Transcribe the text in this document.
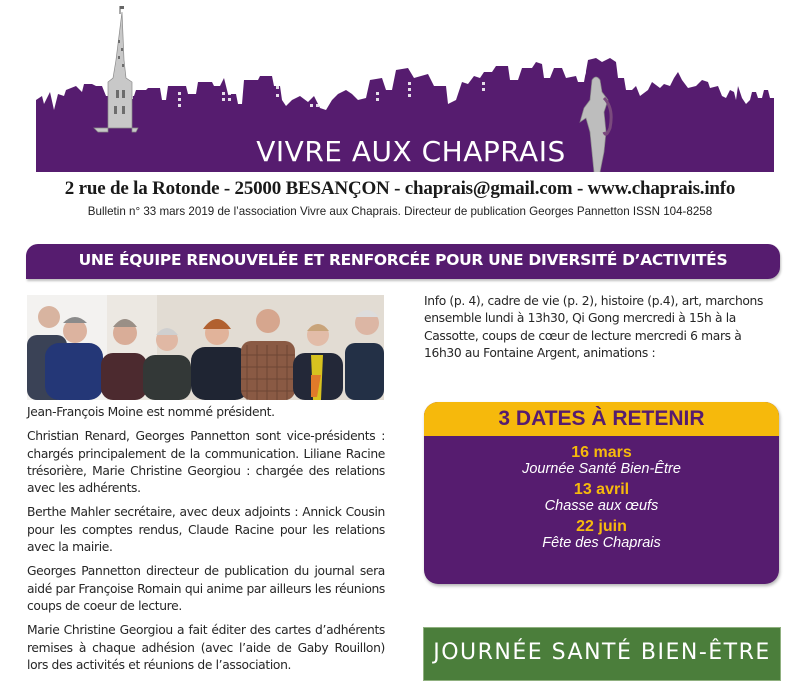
VIVRE AUX CHAPRAIS
2 rue de la Rotonde - 25000 BESANÇON - chaprais@gmail.com - www.chaprais.info
Bulletin n° 33 mars 2019 de l’association Vivre aux Chaprais. Directeur de publication Georges Pannetton ISSN 104-8258
UNE ÉQUIPE RENOUVELÉE ET RENFORCÉE POUR UNE DIVERSITÉ D’ACTIVITÉS

Jean-François Moine est nommé président.

Christian Renard, Georges Pannetton sont vice-présidents : chargés principalement de la communication. Liliane Racine trésorière, Marie Christine Georgiou : chargée des relations avec les adhérents.

Berthe Mahler secrétaire, avec deux adjoints : Annick Cousin pour les comptes rendus, Claude Racine pour les relations avec la mairie.

Georges Pannetton directeur de publication du journal sera aidé par Françoise Romain qui anime par ailleurs les réunions coups de coeur de lecture.

Marie Christine Georgiou a fait éditer des cartes d’adhérents remises à chaque adhésion (avec l’aide de Gaby Rouillon) lors des activités et réunions de l’association.

Info (p. 4), cadre de vie (p. 2), histoire (p.4), art, marchons ensemble lundi à 13h30, Qi Gong mercredi à 15h à la Cassotte, coups de cœur de lecture mercredi 6 mars à 16h30 au Fontaine Argent, animations :

3 DATES À RETENIR
16 mars
Journée Santé Bien-Être
13 avril
Chasse aux œufs
22 juin
Fête des Chaprais
JOURNÉE SANTÉ BIEN-ÊTRE
